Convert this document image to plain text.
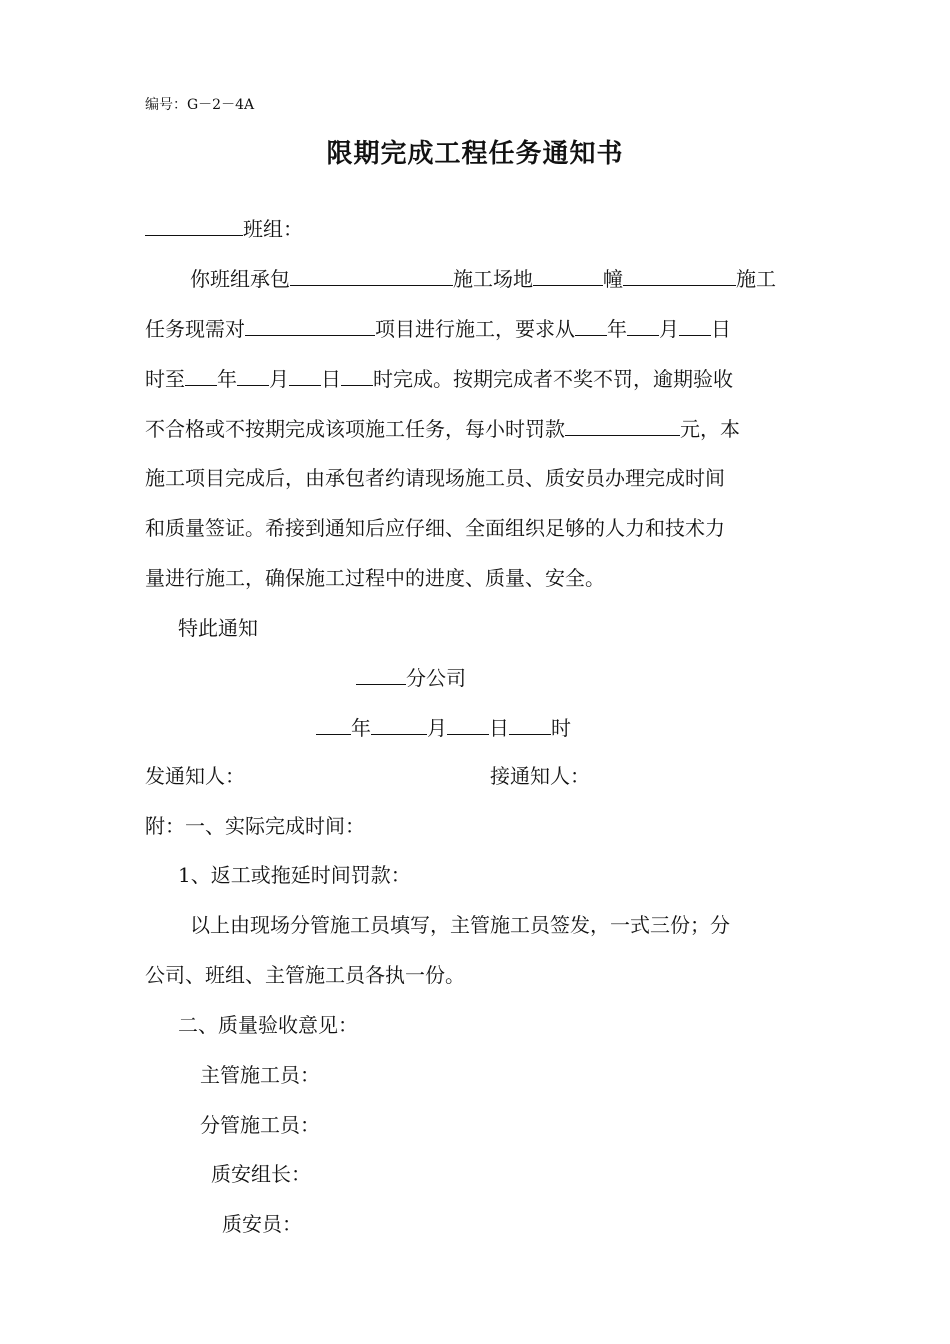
编号：G－2－4A
限期完成工程任务通知书
班组：
你班组承包	施工场地	幢	施工
任务现需对	项目进行施工，要求从 年 月 日
时至 年 月 日 时完成。按期完成者不奖不罚，逾期验收
不合格或不按期完成该项施工任务，每小时罚款	元，本
施工项目完成后，由承包者约请现场施工员、质安员办理完成时间
和质量签证。希接到通知后应仔细、全面组织足够的人力和技术力
量进行施工，确保施工过程中的进度、质量、安全。
特此通知
分公司
年	月 日 时
发通知人：	接通知人：
附：一、实际完成时间：
1、返工或拖延时间罚款：
以上由现场分管施工员填写，主管施工员签发，一式三份；分
公司、班组、主管施工员各执一份。
二、质量验收意见：
主管施工员：
分管施工员：
质安组长：
质安员：
